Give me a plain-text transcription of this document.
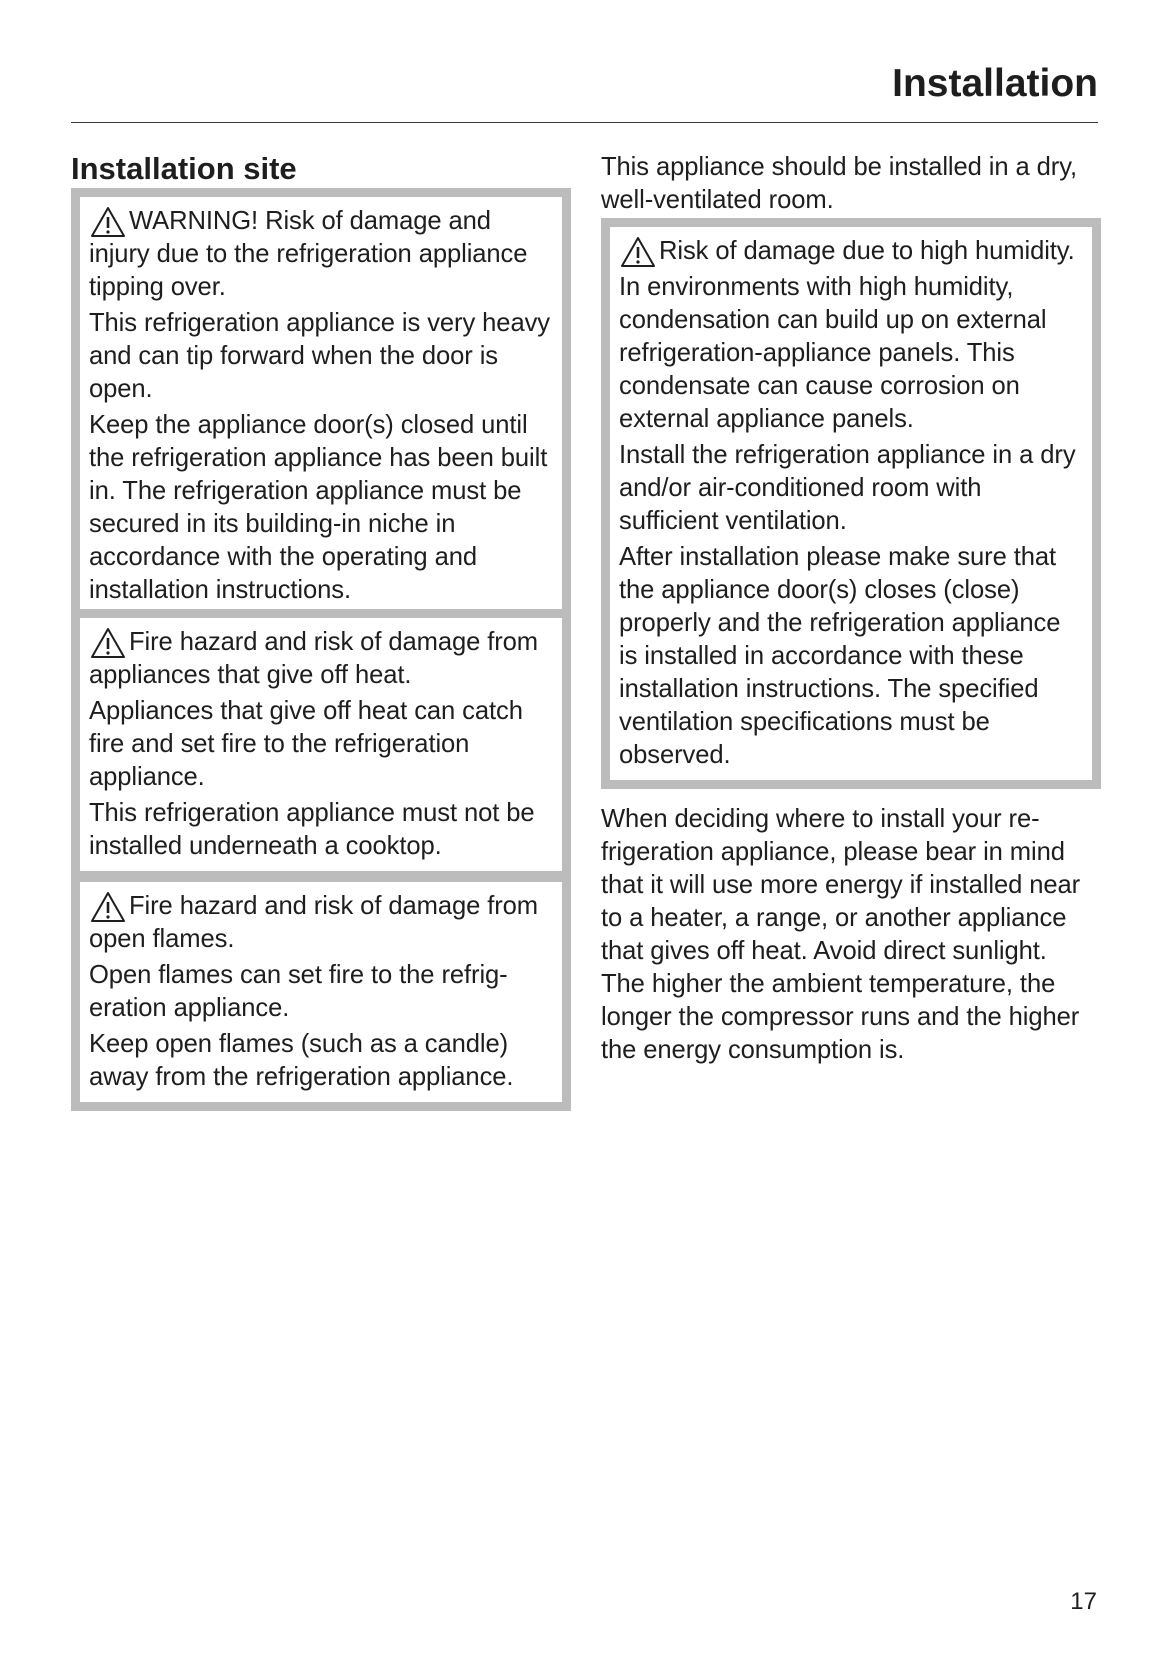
Installation
Installation site

WARNING! Risk of damage and injury due to the refrigeration appliance tipping over.

This refrigeration appliance is very heavy and can tip forward when the door is open.

Keep the appliance door(s) closed until the refrigeration appliance has been built in. The refrigeration appliance must be secured in its building-in niche in accordance with the operating and installation instructions.

Fire hazard and risk of damage from appliances that give off heat.

Appliances that give off heat can catch fire and set fire to the refrigeration appliance.

This refrigeration appliance must not be installed underneath a cooktop.

Fire hazard and risk of damage from open flames.

Open flames can set fire to the refrigeration appliance.

Keep open flames (such as a candle) away from the refrigeration appliance.

This appliance should be installed in a dry, well-ventilated room.

Risk of damage due to high humidity.

In environments with high humidity, condensation can build up on external refrigeration-appliance panels. This condensate can cause corrosion on external appliance panels.

Install the refrigeration appliance in a dry and/or air-conditioned room with sufficient ventilation.

After installation please make sure that the appliance door(s) closes (close) properly and the refrigeration appliance is installed in accordance with these installation instructions. The specified ventilation specifications must be observed.

When deciding where to install your refrigeration appliance, please bear in mind that it will use more energy if installed near to a heater, a range, or another appliance that gives off heat. Avoid direct sunlight.

The higher the ambient temperature, the longer the compressor runs and the higher the energy consumption is.

17
